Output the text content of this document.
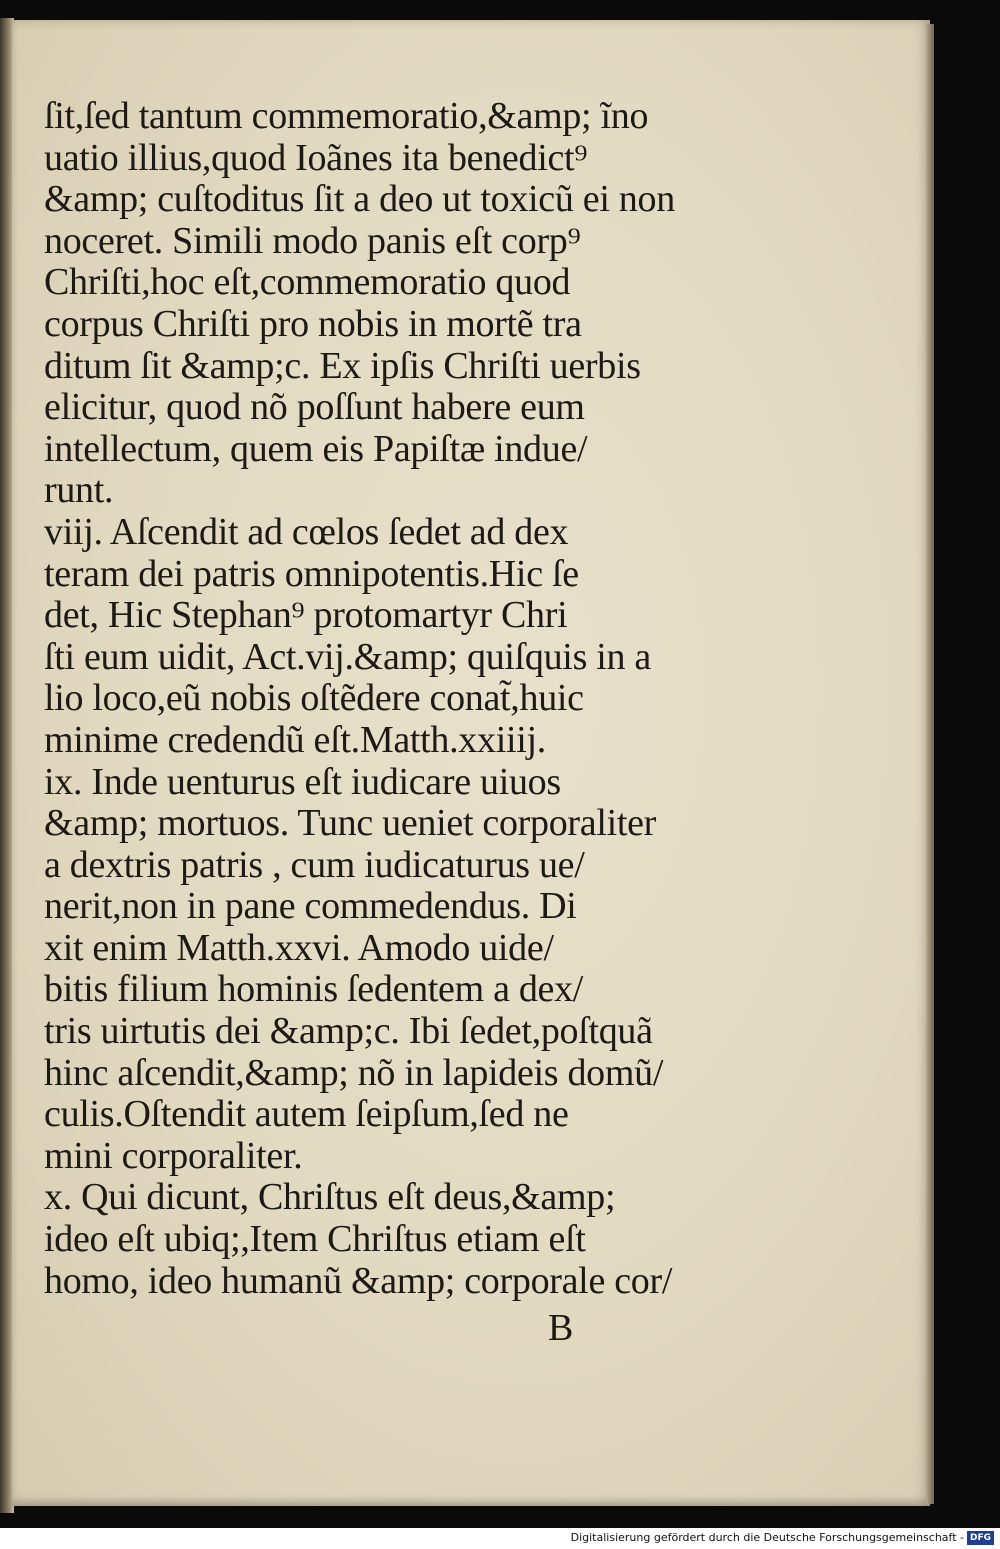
ſit,ſed tantum commemoratio,&amp; ĩno
uatio illius,quod Ioãnes ita benedict⁹
&amp; cuſtoditus ſit a deo ut toxicũ ei non
noceret. Simili modo panis eſt corp⁹
Chriſti,hoc eſt,commemoratio quod
corpus Chriſti pro nobis in mortẽ tra
ditum ſit &amp;c. Ex ipſis Chriſti uerbis
elicitur, quod nõ poſſunt habere eum
intellectum, quem eis Papiſtæ indue/
runt.
viij. Aſcendit ad cœlos ſedet ad dex
teram dei patris omnipotentis.Hic ſe
det, Hic Stephan⁹ protomartyr Chri
ſti eum uidit, Act.vij.&amp; quiſquis in a
lio loco,eũ nobis oſtẽdere conat̃,huic
minime credendũ eſt.Matth.xxiiij.
ix. Inde uenturus eſt iudicare uiuos
&amp; mortuos. Tunc ueniet corporaliter
a dextris patris , cum iudicaturus ue/
nerit,non in pane commedendus. Di
xit enim Matth.xxvi. Amodo uide/
bitis filium hominis ſedentem a dex/
tris uirtutis dei &amp;c. Ibi ſedet,poſtquã
hinc aſcendit,&amp; nõ in lapideis domũ/
culis.Oſtendit autem ſeipſum,ſed ne
mini corporaliter.
x. Qui dicunt, Chriſtus eſt deus,&amp;
ideo eſt ubiq;,Item Chriſtus etiam eſt
homo, ideo humanũ &amp; corporale cor/
B
Digitalisierung gefördert durch die Deutsche Forschungsgemeinschaft - DFG
